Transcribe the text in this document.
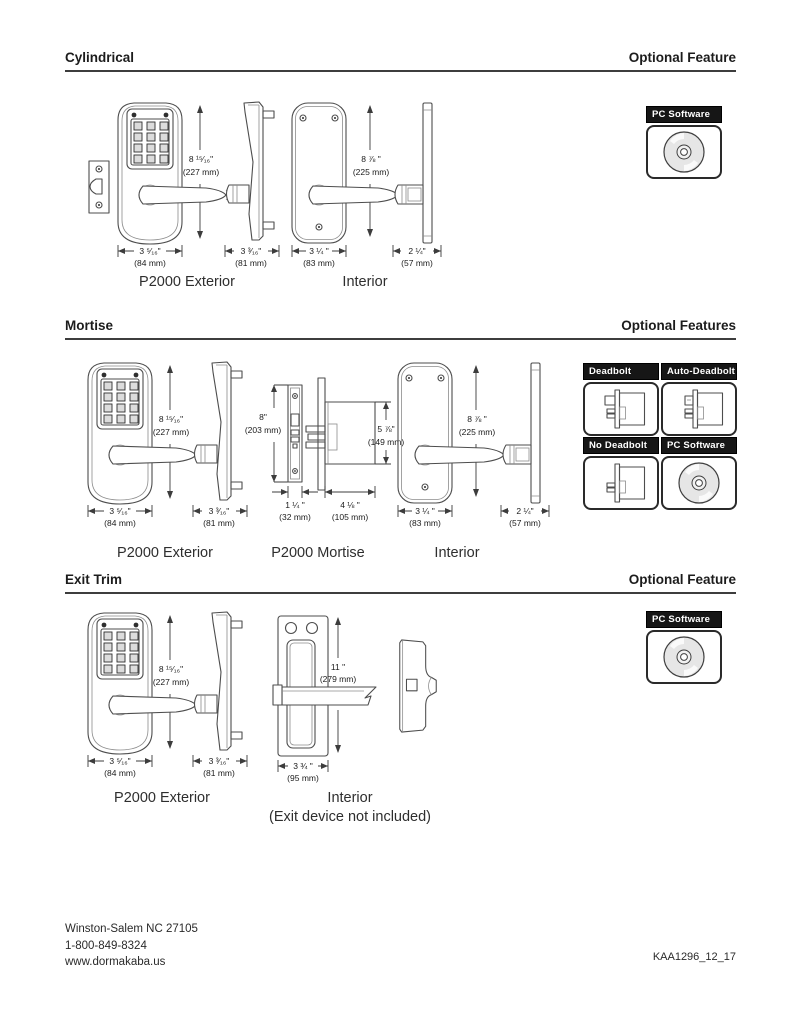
Cylindrical	Optional Feature
8 ¹⁵⁄₁₆"
(227 mm)
3 ⁵⁄₁₆"
(84 mm)
3 ³⁄₁₆"
(81 mm)
8 ⅞ "
(225 mm)
3 ¼ "
(83 mm)
2 ¼"
(57 mm)
P2000 Exterior	Interior
PC Software
Mortise	Optional Features
8 ¹⁵⁄₁₆"
(227 mm)
3 ⁵⁄₁₆"
(84 mm)
3 ³⁄₁₆"
(81 mm)
8"
(203 mm)
1 ¼ "
(32 mm)
5 ⅞"
(149 mm)
4 ⅛ "
(105 mm)
8 ⅞ "
(225 mm)
3 ¼ "
(83 mm)
2 ¼"
(57 mm)
P2000 Exterior	P2000 Mortise	Interior
Deadbolt	Auto-Deadbolt
No Deadbolt	PC Software
Exit Trim	Optional Feature
8 ¹⁵⁄₁₆"
(227 mm)
3 ⁵⁄₁₆"
(84 mm)
3 ³⁄₁₆"
(81 mm)
11 "
(279 mm)
3 ¾ "
(95 mm)
P2000 Exterior	Interior
(Exit device not included)
PC Software
Winston-Salem NC 27105
1-800-849-8324
www.dormakaba.us	KAA1296_12_17
